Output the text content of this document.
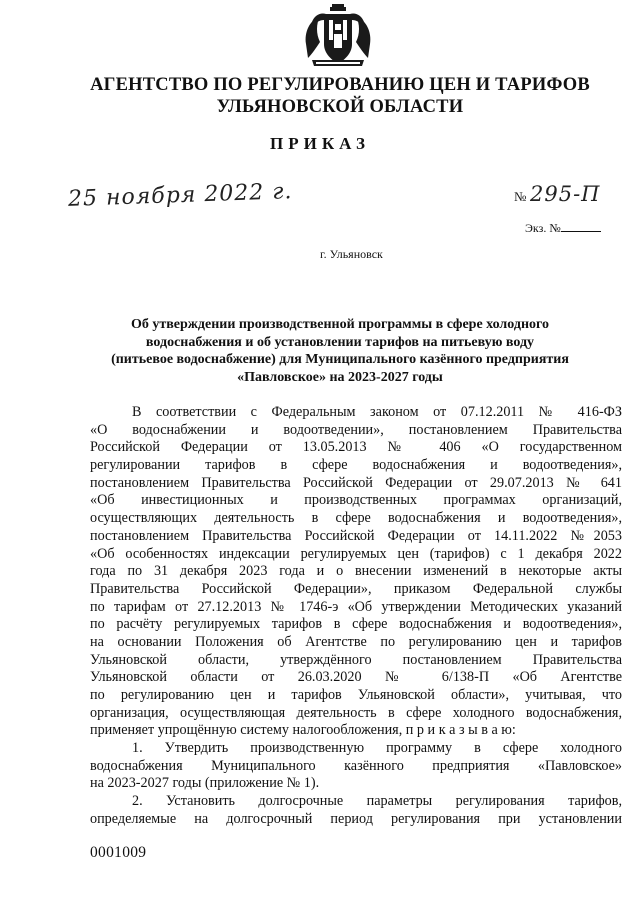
АГЕНТСТВО ПО РЕГУЛИРОВАНИЮ ЦЕН И ТАРИФОВ
УЛЬЯНОВСКОЙ ОБЛАСТИ
ПРИКАЗ
25 ноября 2022 г.	№ 295-П
Экз. №
г. Ульяновск
Об утверждении производственной программы в сфере холодного
водоснабжения и об установлении тарифов на питьевую воду
(питьевое водоснабжение) для Муниципального казённого предприятия
«Павловское» на 2023-2027 годы
В соответствии с Федеральным законом от 07.12.2011 № 416-ФЗ
«О водоснабжении и водоотведении», постановлением Правительства
Российской Федерации от 13.05.2013 № 406 «О государственном
регулировании тарифов в сфере водоснабжения и водоотведения»,
постановлением Правительства Российской Федерации от 29.07.2013 № 641
«Об инвестиционных и производственных программах организаций,
осуществляющих деятельность в сфере водоснабжения и водоотведения»,
постановлением Правительства Российской Федерации от 14.11.2022 №2053
«Об особенностях индексации регулируемых цен (тарифов) с 1 декабря 2022
года по 31 декабря 2023 года и о внесении изменений в некоторые акты
Правительства Российской Федерации», приказом Федеральной службы
по тарифам от 27.12.2013 № 1746-э «Об утверждении Методических указаний
по расчёту регулируемых тарифов в сфере водоснабжения и водоотведения»,
на основании Положения об Агентстве по регулированию цен и тарифов
Ульяновской области, утверждённого постановлением Правительства
Ульяновской области от 26.03.2020 № 6/138-П «Об Агентстве
по регулированию цен и тарифов Ульяновской области», учитывая, что
организация, осуществляющая деятельность в сфере холодного водоснабжения,
применяет упрощённую систему налогообложения, п р и к а з ы в а ю:
1. Утвердить производственную программу в сфере холодного
водоснабжения Муниципального казённого предприятия «Павловское»
на 2023-2027 годы (приложение № 1).
2. Установить долгосрочные параметры регулирования тарифов,
определяемые на долгосрочный период регулирования при установлении
0001009
